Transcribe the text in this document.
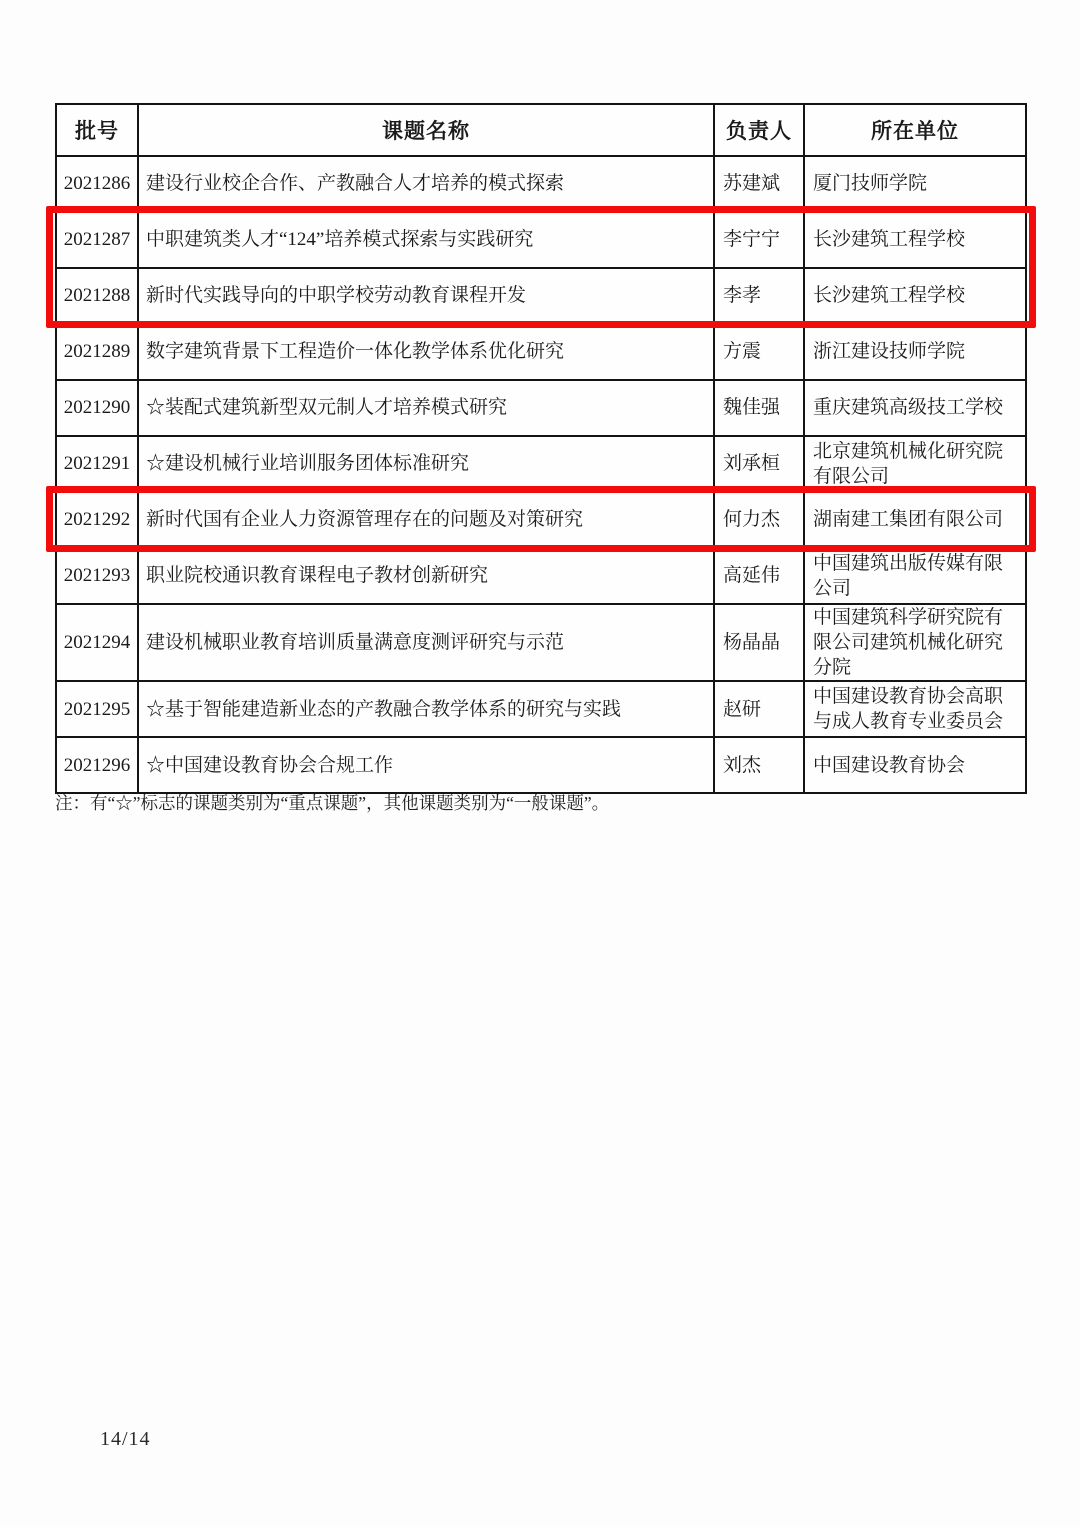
批号	课题名称	负责人	所在单位
2021286	建设行业校企合作、产教融合人才培养的模式探索	苏建斌	厦门技师学院
2021287	中职建筑类人才“124”培养模式探索与实践研究	李宁宁	长沙建筑工程学校
2021288	新时代实践导向的中职学校劳动教育课程开发	李孝	长沙建筑工程学校
2021289	数字建筑背景下工程造价一体化教学体系优化研究	方震	浙江建设技师学院
2021290	☆装配式建筑新型双元制人才培养模式研究	魏佳强	重庆建筑高级技工学校
2021291	☆建设机械行业培训服务团体标准研究	刘承桓	北京建筑机械化研究院有限公司
2021292	新时代国有企业人力资源管理存在的问题及对策研究	何力杰	湖南建工集团有限公司
2021293	职业院校通识教育课程电子教材创新研究	高延伟	中国建筑出版传媒有限公司
2021294	建设机械职业教育培训质量满意度测评研究与示范	杨晶晶	中国建筑科学研究院有限公司建筑机械化研究分院
2021295	☆基于智能建造新业态的产教融合教学体系的研究与实践	赵研	中国建设教育协会高职与成人教育专业委员会
2021296	☆中国建设教育协会合规工作	刘杰	中国建设教育协会
注：有“☆”标志的课题类别为“重点课题”，其他课题类别为“一般课题”。
14/14
